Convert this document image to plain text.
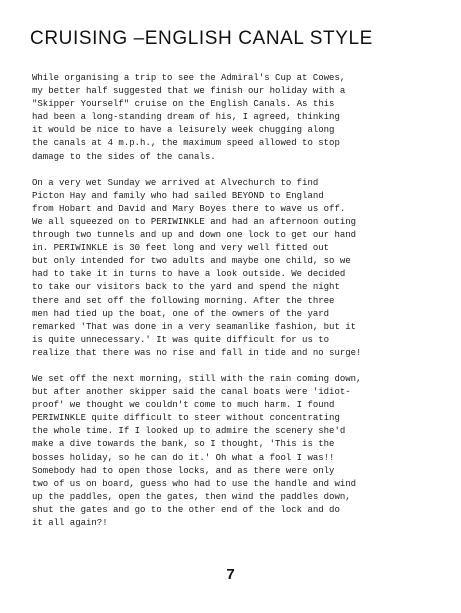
CRUISING –ENGLISH CANAL STYLE
While organising a trip to see the Admiral's Cup at Cowes,
my better half suggested that we finish our holiday with a
"Skipper Yourself" cruise on the English Canals. As this
had been a long-standing dream of his, I agreed, thinking
it would be nice to have a leisurely week chugging along
the canals at 4 m.p.h., the maximum speed allowed to stop
damage to the sides of the canals.
On a very wet Sunday we arrived at Alvechurch to find
Picton Hay and family who had sailed BEYOND to England
from Hobart and David and Mary Boyes there to wave us off.
We all squeezed on to PERIWINKLE and had an afternoon outing
through two tunnels and up and down one lock to get our hand
in. PERIWINKLE is 30 feet long and very well fitted out
but only intended for two adults and maybe one child, so we
had to take it in turns to have a look outside. We decided
to take our visitors back to the yard and spend the night
there and set off the following morning. After the three
men had tied up the boat, one of the owners of the yard
remarked 'That was done in a very seamanlike fashion, but it
is quite unnecessary.' It was quite difficult for us to
realize that there was no rise and fall in tide and no surge!
We set off the next morning, still with the rain coming down,
but after another skipper said the canal boats were 'idiot-
proof' we thought we couldn't come to much harm. I found
PERIWINKLE quite difficult to steer without concentrating
the whole time. If I looked up to admire the scenery she'd
make a dive towards the bank, so I thought, 'This is the
bosses holiday, so he can do it.' Oh what a fool I was!!
Somebody had to open those locks, and as there were only
two of us on board, guess who had to use the handle and wind
up the paddles, open the gates, then wind the paddles down,
shut the gates and go to the other end of the lock and do
it all again?!
7
